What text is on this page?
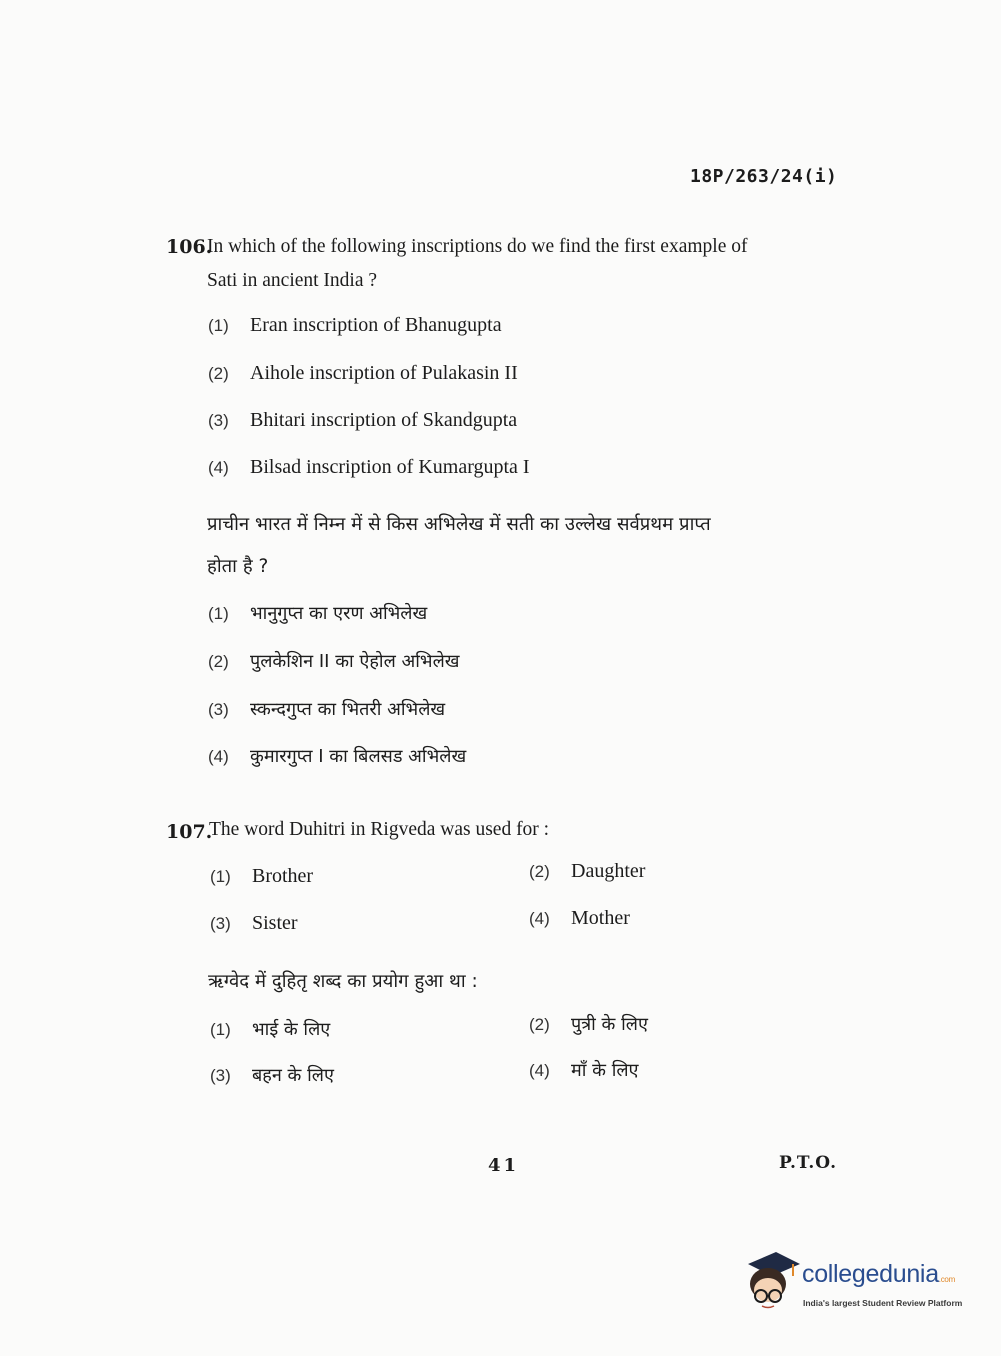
18P/263/24(i)
106.
In which of the following inscriptions do we find the first example of
Sati in ancient India ?
(1) Eran inscription of Bhanugupta
(2) Aihole inscription of Pulakasin II
(3) Bhitari inscription of Skandgupta
(4) Bilsad inscription of Kumargupta I
प्राचीन भारत में निम्न में से किस अभिलेख में सती का उल्लेख सर्वप्रथम प्राप्त
होता है ?
(1) भानुगुप्त का एरण अभिलेख
(2) पुलकेशिन II का ऐहोल अभिलेख
(3) स्कन्दगुप्त का भितरी अभिलेख
(4) कुमारगुप्त I का बिलसड अभिलेख
107.
The word Duhitri in Rigveda was used for :
(1) Brother	(2) Daughter
(3) Sister	(4) Mother
ऋग्वेद में दुहितृ शब्द का प्रयोग हुआ था :
(1) भाई के लिए	(2) पुत्री के लिए
(3) बहन के लिए	(4) माँ के लिए
41	P.T.O.
collegedunia.com
India's largest Student Review Platform
